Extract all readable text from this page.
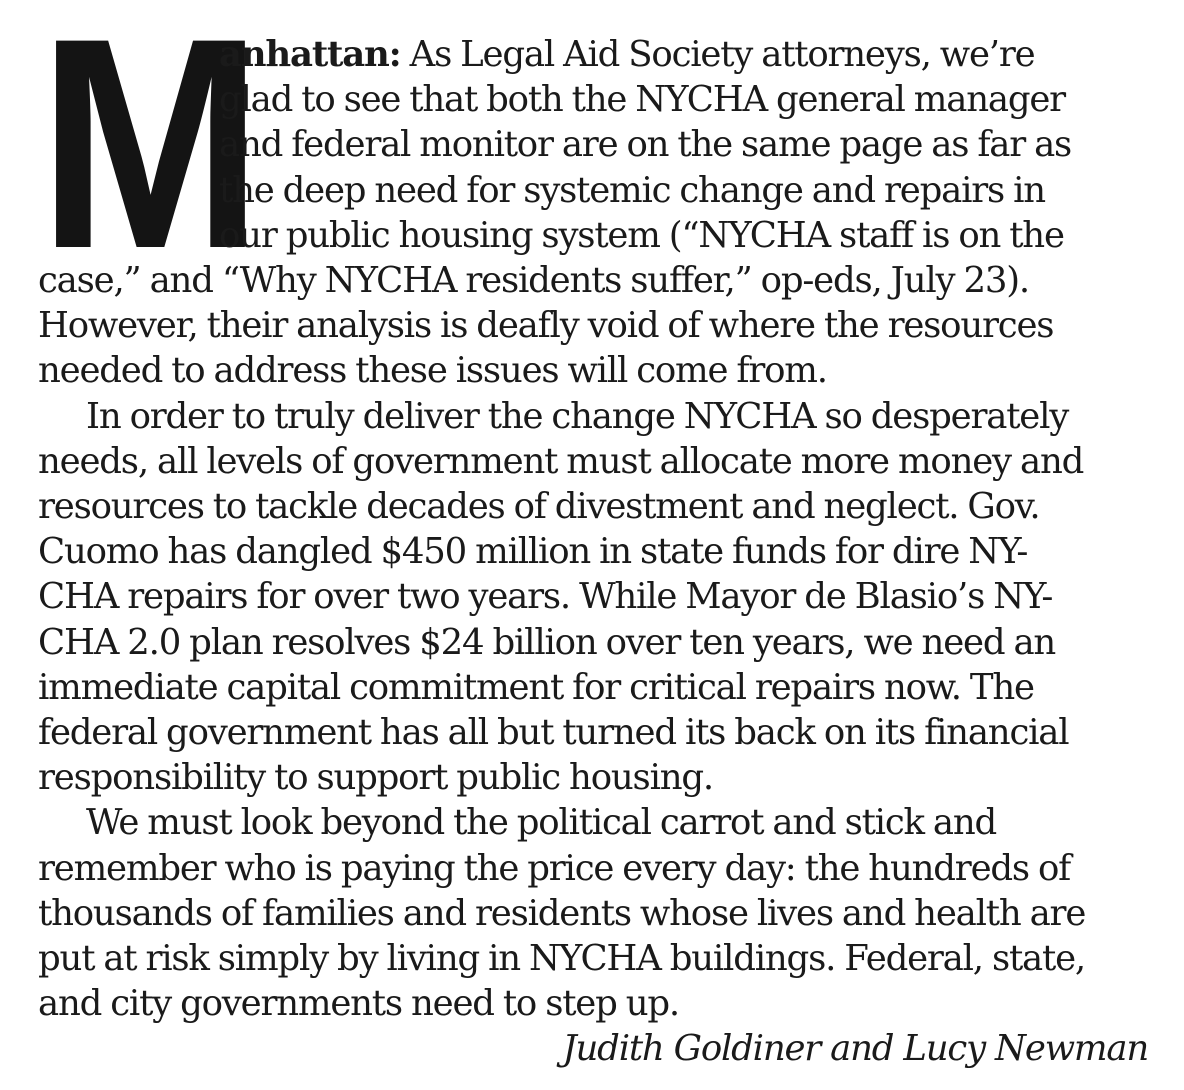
M
anhattan: As Legal Aid Society attorneys, we’re
glad to see that both the NYCHA general manager
and federal monitor are on the same page as far as
the deep need for systemic change and repairs in
our public housing system (“NYCHA staff is on the
case,” and “Why NYCHA residents suffer,” op-eds, July 23).
However, their analysis is deafly void of where the resources
needed to address these issues will come from.
In order to truly deliver the change NYCHA so desperately
needs, all levels of government must allocate more money and
resources to tackle decades of divestment and neglect. Gov.
Cuomo has dangled $450 million in state funds for dire NY-
CHA repairs for over two years. While Mayor de Blasio’s NY-
CHA 2.0 plan resolves $24 billion over ten years, we need an
immediate capital commitment for critical repairs now. The
federal government has all but turned its back on its financial
responsibility to support public housing.
We must look beyond the political carrot and stick and
remember who is paying the price every day: the hundreds of
thousands of families and residents whose lives and health are
put at risk simply by living in NYCHA buildings. Federal, state,
and city governments need to step up.
Judith Goldiner and Lucy Newman
